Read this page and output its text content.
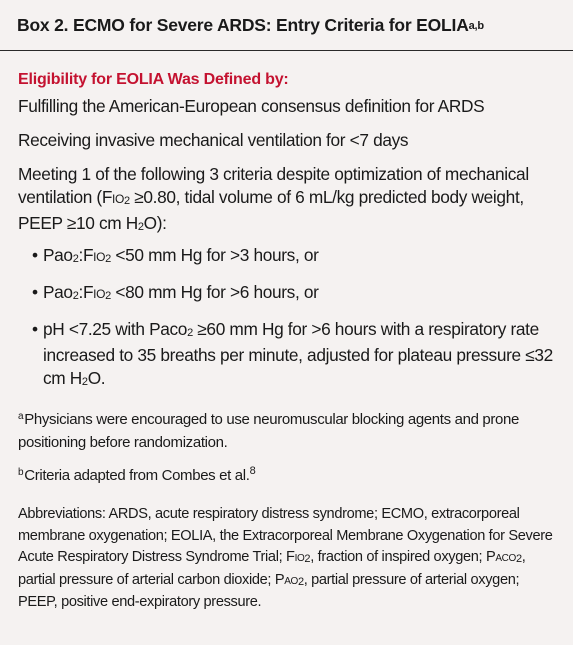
Box 2. ECMO for Severe ARDS: Entry Criteria for EOLIA$^{a,b}$
Eligibility for EOLIA Was Defined by:

Fulfilling the American-European consensus definition for ARDS

Receiving invasive mechanical ventilation for <7 days

Meeting 1 of the following 3 criteria despite optimization of mechanical ventilation (Fio$_2$ ≥0.80, tidal volume of 6 mL/kg predicted body weight, PEEP ≥10 cm $H_2O$):

• Pao$_2$:Fio$_2$ <50 mm Hg for >3 hours, or
• Pao$_2$:Fio$_2$ <80 mm Hg for >6 hours, or
• pH <7.25 with Paco$_2$ ≥60 mm Hg for >6 hours with a respiratory rate increased to 35 breaths per minute, adjusted for plateau pressure ≤32 cm $H_2O$.
$^a$Physicians were encouraged to use neuromuscular blocking agents and prone positioning before randomization.
$^b$Criteria adapted from Combes et al.$^8$
Abbreviations: ARDS, acute respiratory distress syndrome; ECMO, extracorporeal membrane oxygenation; EOLIA, the Extracorporeal Membrane Oxygenation for Severe Acute Respiratory Distress Syndrome Trial; Fio$_2$, fraction of inspired oxygen; Paco$_2$, partial pressure of arterial carbon dioxide; Pao$_2$, partial pressure of arterial oxygen; PEEP, positive end-expiratory pressure.
